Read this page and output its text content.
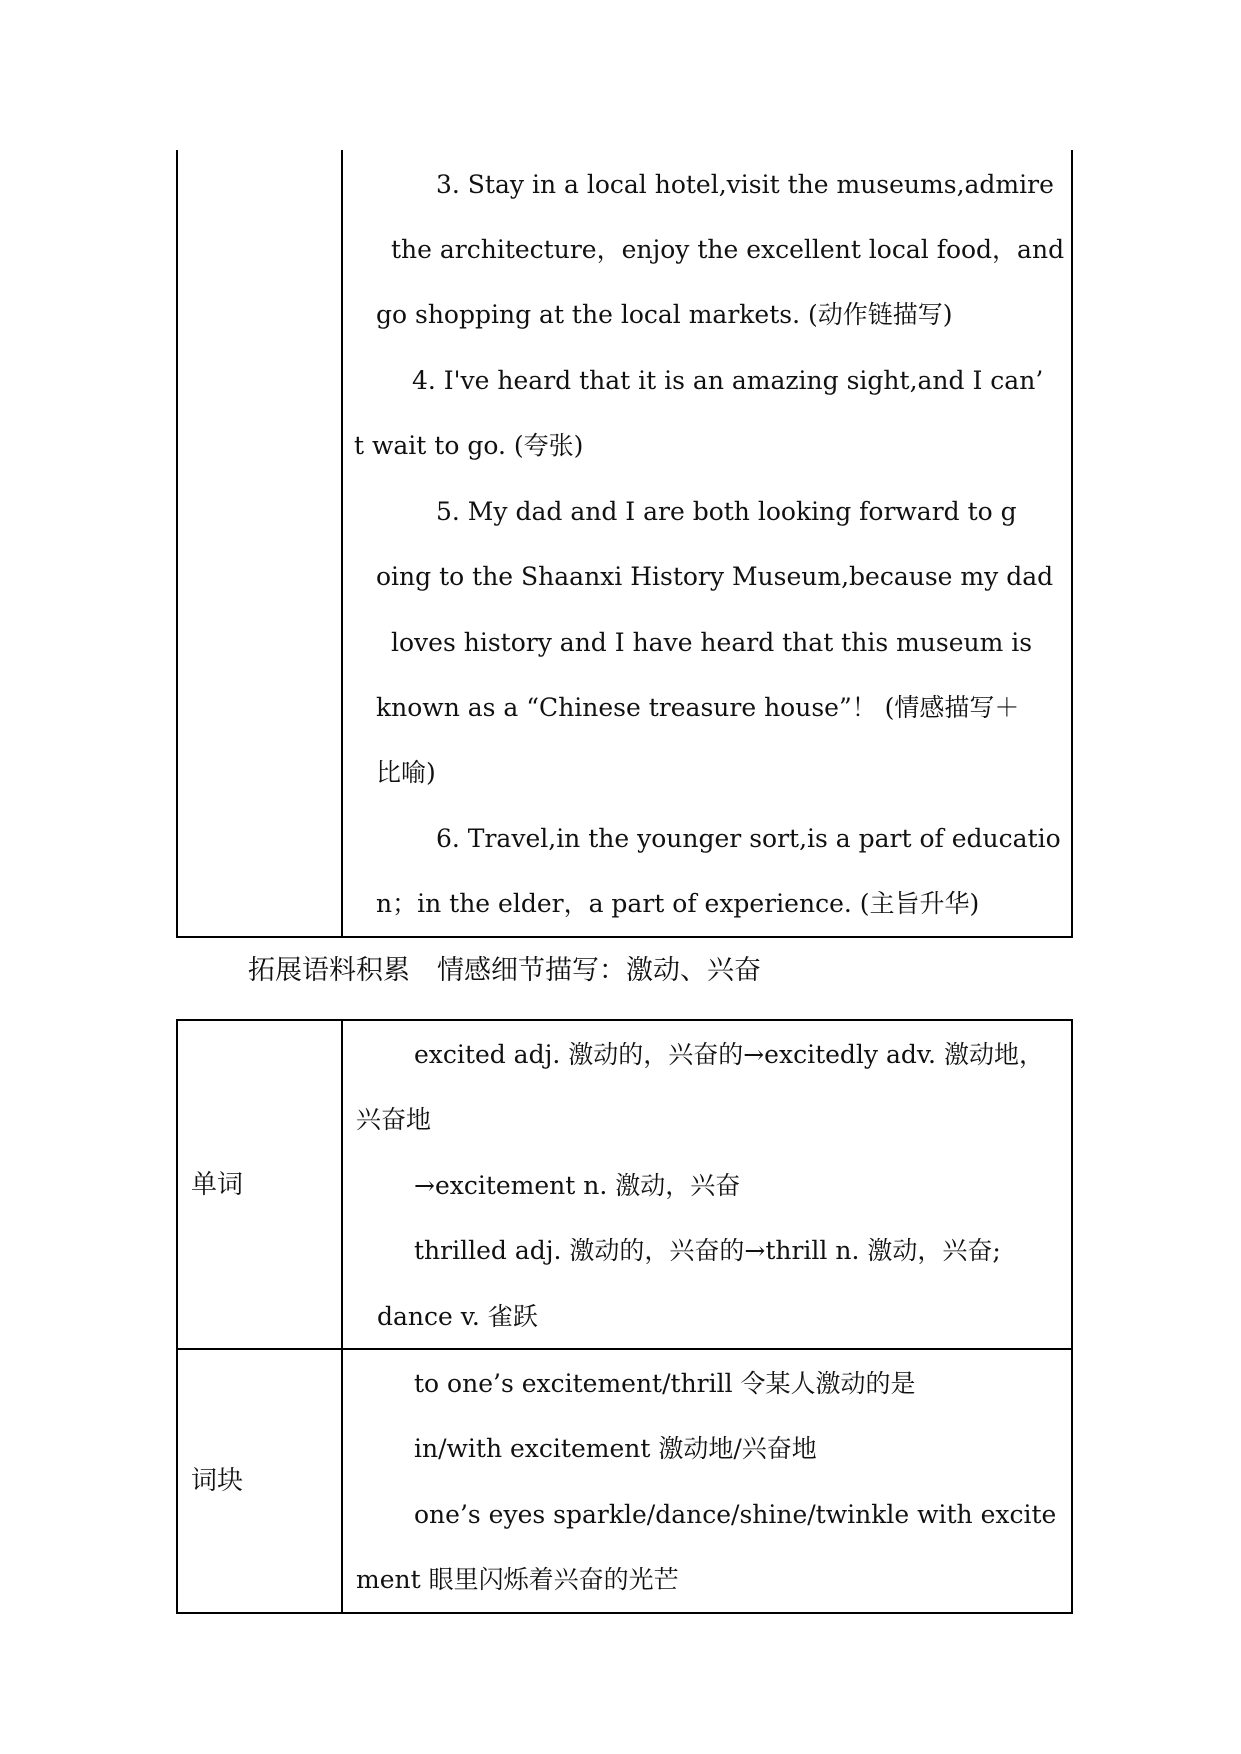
3. Stay in a local hotel,visit the museums,admire
the architecture，enjoy the excellent local food，and
go shopping at the local markets. (动作链描写)
4. I've heard that it is an amazing sight,and I can’
t wait to go. (夸张)
5. My dad and I are both looking forward to g
oing to the Shaanxi History Museum,because my dad
loves history and I have heard that this museum is
known as a “Chinese treasure house”！ (情感描写＋
比喻)
6. Travel,in the younger sort,is a part of educatio
n；in the elder，a part of experience. (主旨升华)
拓展语料积累　情感细节描写：激动、兴奋
单词
excited adj. 激动的，兴奋的→excitedly adv. 激动地，
兴奋地
→excitement n. 激动，兴奋
thrilled adj. 激动的，兴奋的→thrill n. 激动，兴奋;
dance v. 雀跃
词块
to one’s excitement/thrill 令某人激动的是
in/with excitement 激动地/兴奋地
one’s eyes sparkle/dance/shine/twinkle with excite
ment 眼里闪烁着兴奋的光芒
